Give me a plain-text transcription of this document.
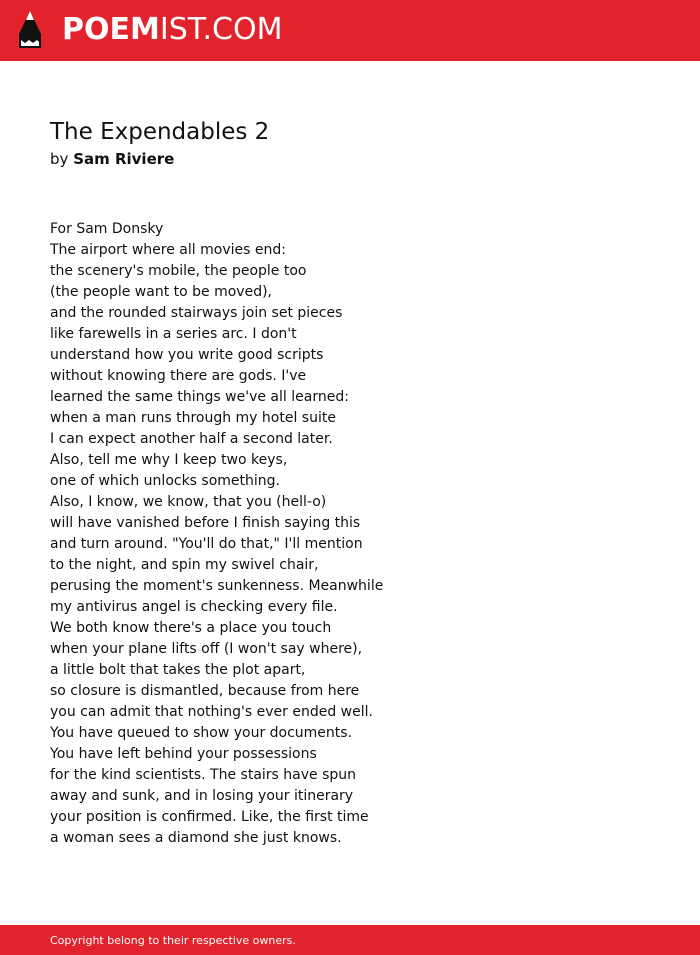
POEMIST.COM
The Expendables 2
by Sam Riviere
For Sam Donsky
The airport where all movies end:
the scenery's mobile, the people too
(the people want to be moved),
and the rounded stairways join set pieces
like farewells in a series arc. I don't
understand how you write good scripts
without knowing there are gods. I've
learned the same things we've all learned:
when a man runs through my hotel suite
I can expect another half a second later.
Also, tell me why I keep two keys,
one of which unlocks something.
Also, I know, we know, that you (hell-o)
will have vanished before I finish saying this
and turn around. "You'll do that," I'll mention
to the night, and spin my swivel chair,
perusing the moment's sunkenness. Meanwhile
my antivirus angel is checking every file.
We both know there's a place you touch
when your plane lifts off (I won't say where),
a little bolt that takes the plot apart,
so closure is dismantled, because from here
you can admit that nothing's ever ended well.
You have queued to show your documents.
You have left behind your possessions
for the kind scientists. The stairs have spun
away and sunk, and in losing your itinerary
your position is confirmed. Like, the first time
a woman sees a diamond she just knows.
Copyright belong to their respective owners.
